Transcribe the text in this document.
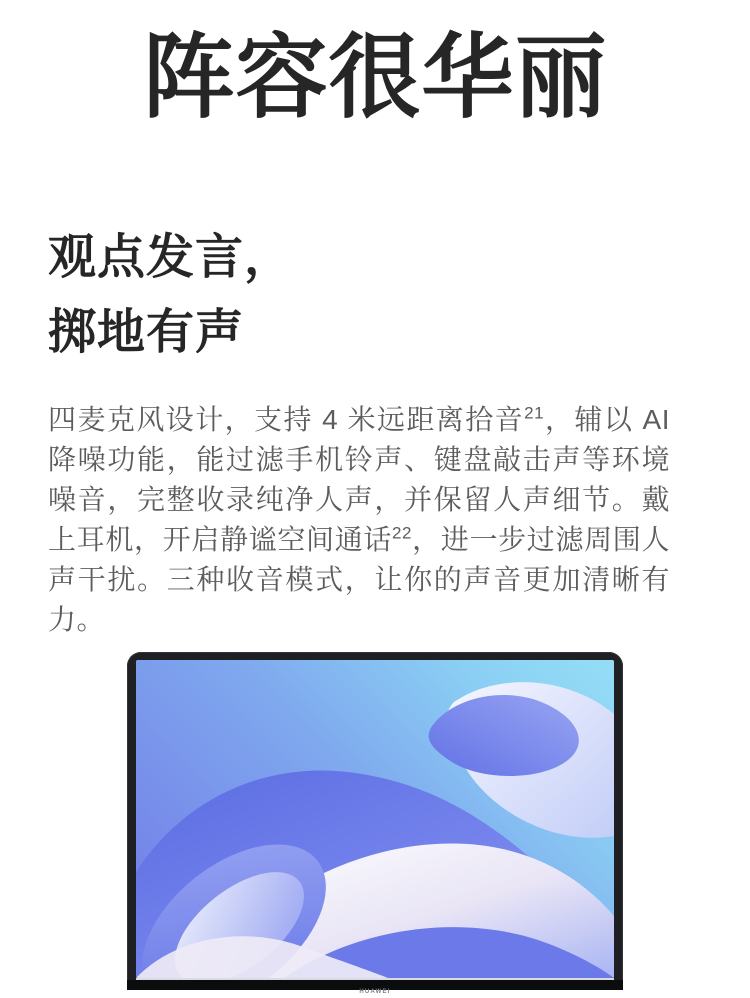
阵容很华丽
观点发言，
掷地有声

四麦克风设计，支持 4 米远距离拾音$^{21}$，辅以 AI 降噪功能，能过滤手机铃声、键盘敲击声等环境噪音，完整收录纯净人声，并保留人声细节。戴上耳机，开启静谧空间通话$^{22}$，进一步过滤周围人声干扰。三种收音模式，让你的声音更加清晰有力。

HUAWEI
